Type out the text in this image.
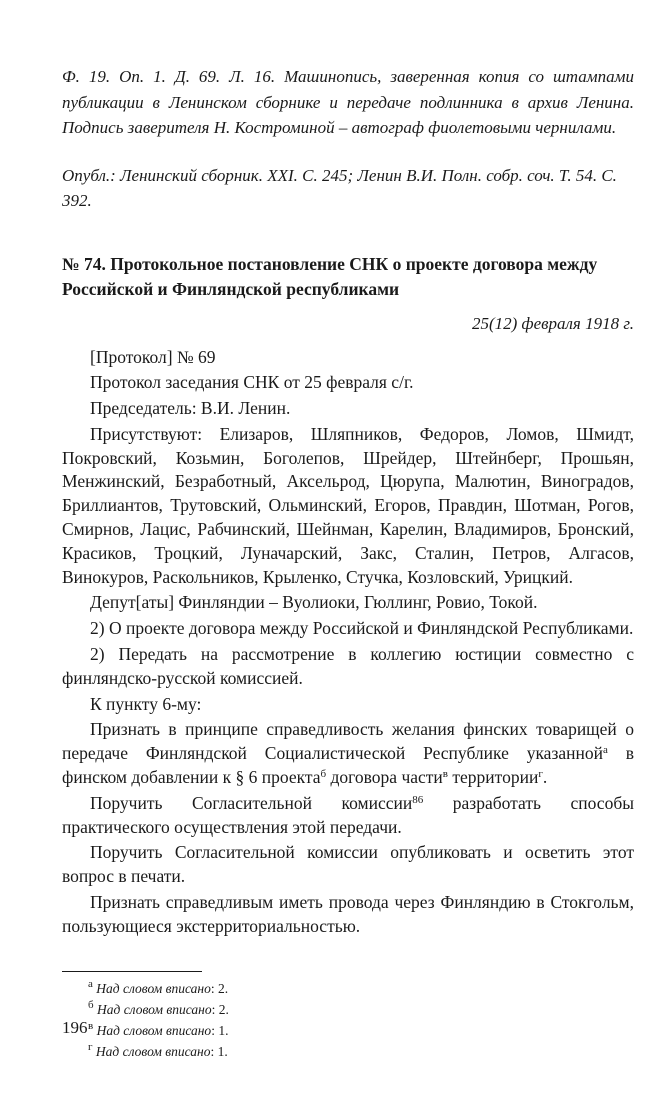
Ф. 19. Оп. 1. Д. 69. Л. 16. Машинопись, заверенная копия со штампами публикации в Ленинском сборнике и передаче подлинника в архив Ленина. Подпись заверителя Н. Костроминой – автограф фиолетовыми чернилами.

Опубл.: Ленинский сборник. XXI. С. 245; Ленин В.И. Полн. собр. соч. Т. 54. С. 392.

№ 74. Протокольное постановление СНК о проекте договора между Российской и Финляндской республиками
25(12) февраля 1918 г.

[Протокол] № 69

Протокол заседания СНК от 25 февраля с/г.

Председатель: В.И. Ленин.

Присутствуют: Елизаров, Шляпников, Федоров, Ломов, Шмидт, Покровский, Козьмин, Боголепов, Шрейдер, Штейнберг, Прошьян, Менжинский, Безработный, Аксельрод, Цюрупа, Малютин, Виноградов, Бриллиантов, Трутовский, Ольминский, Егоров, Правдин, Шотман, Рогов, Смирнов, Лацис, Рабчинский, Шейнман, Карелин, Владимиров, Бронский, Красиков, Троцкий, Луначарский, Закс, Сталин, Петров, Алгасов, Винокуров, Раскольников, Крыленко, Стучка, Козловский, Урицкий.

Депут[аты] Финляндии – Вуолиоки, Гюллинг, Ровио, Токой.

2) О проекте договора между Российской и Финляндской Республиками.

2) Передать на рассмотрение в коллегию юстиции совместно с финляндско-русской комиссией.

К пункту 6-му:

Признать в принципе справедливость желания финских товарищей о передаче Финляндской Социалистической Республике указанной$^а$ в финском добавлении к § 6 проекта$^б$ договора части$^в$ территории$^г$.

Поручить Согласительной комиссии$^{86}$ разработать способы практического осуществления этой передачи.

Поручить Согласительной комиссии опубликовать и осветить этот вопрос в печати.

Признать справедливым иметь провода через Финляндию в Стокгольм, пользующиеся экстерриториальностью.

$^а$ Над словом вписано: 2.
$^б$ Над словом вписано: 2.
$^в$ Над словом вписано: 1.
$^г$ Над словом вписано: 1.
196
